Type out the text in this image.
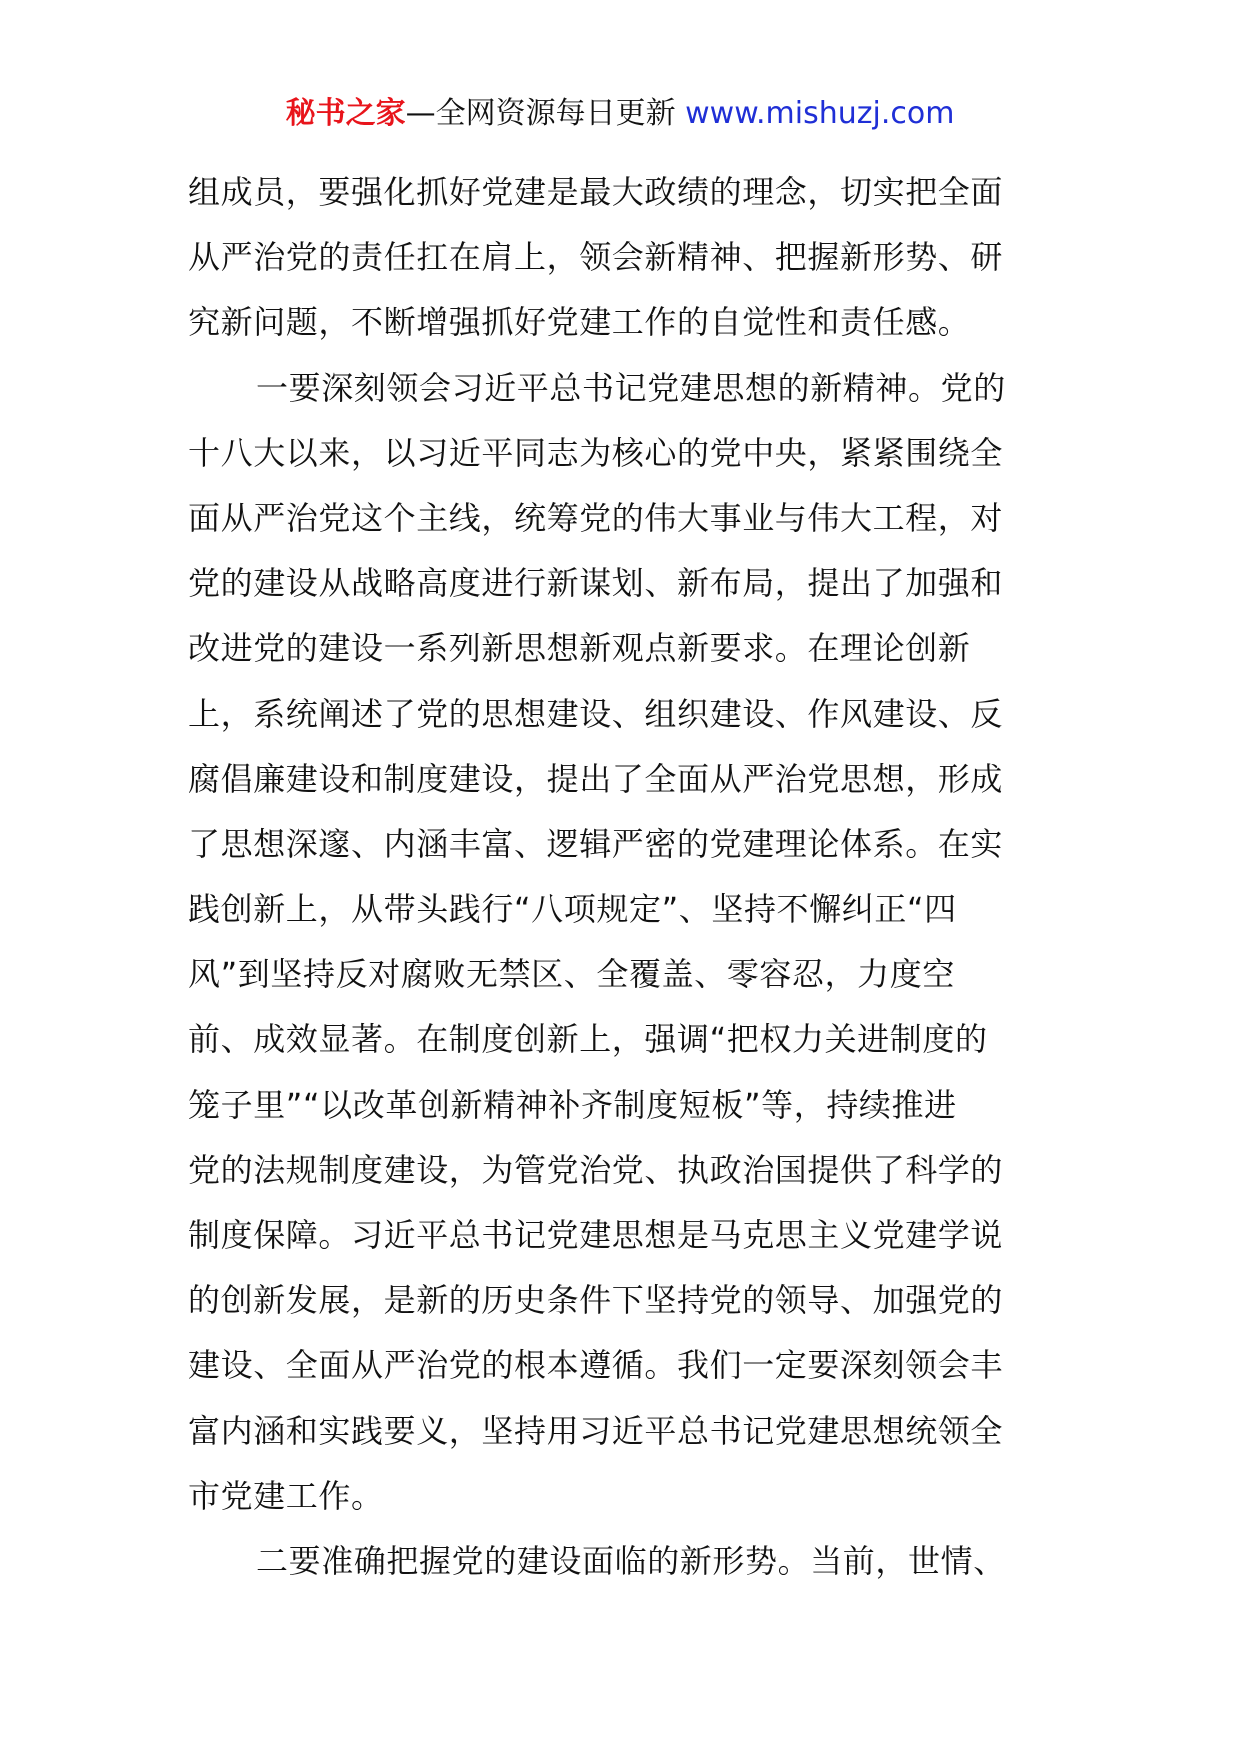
秘书之家—全网资源每日更新 www.mishuzj.com
组成员，要强化抓好党建是最大政绩的理念，切实把全面
从严治党的责任扛在肩上，领会新精神、把握新形势、研
究新问题，不断增强抓好党建工作的自觉性和责任感。
一要深刻领会习近平总书记党建思想的新精神。党的
十八大以来，以习近平同志为核心的党中央，紧紧围绕全
面从严治党这个主线，统筹党的伟大事业与伟大工程，对
党的建设从战略高度进行新谋划、新布局，提出了加强和
改进党的建设一系列新思想新观点新要求。在理论创新
上，系统阐述了党的思想建设、组织建设、作风建设、反
腐倡廉建设和制度建设，提出了全面从严治党思想，形成
了思想深邃、内涵丰富、逻辑严密的党建理论体系。在实
践创新上，从带头践行“八项规定”、坚持不懈纠正“四
风”到坚持反对腐败无禁区、全覆盖、零容忍，力度空
前、成效显著。在制度创新上，强调“把权力关进制度的
笼子里”“以改革创新精神补齐制度短板”等，持续推进
党的法规制度建设，为管党治党、执政治国提供了科学的
制度保障。习近平总书记党建思想是马克思主义党建学说
的创新发展，是新的历史条件下坚持党的领导、加强党的
建设、全面从严治党的根本遵循。我们一定要深刻领会丰
富内涵和实践要义，坚持用习近平总书记党建思想统领全
市党建工作。
二要准确把握党的建设面临的新形势。当前，世情、
